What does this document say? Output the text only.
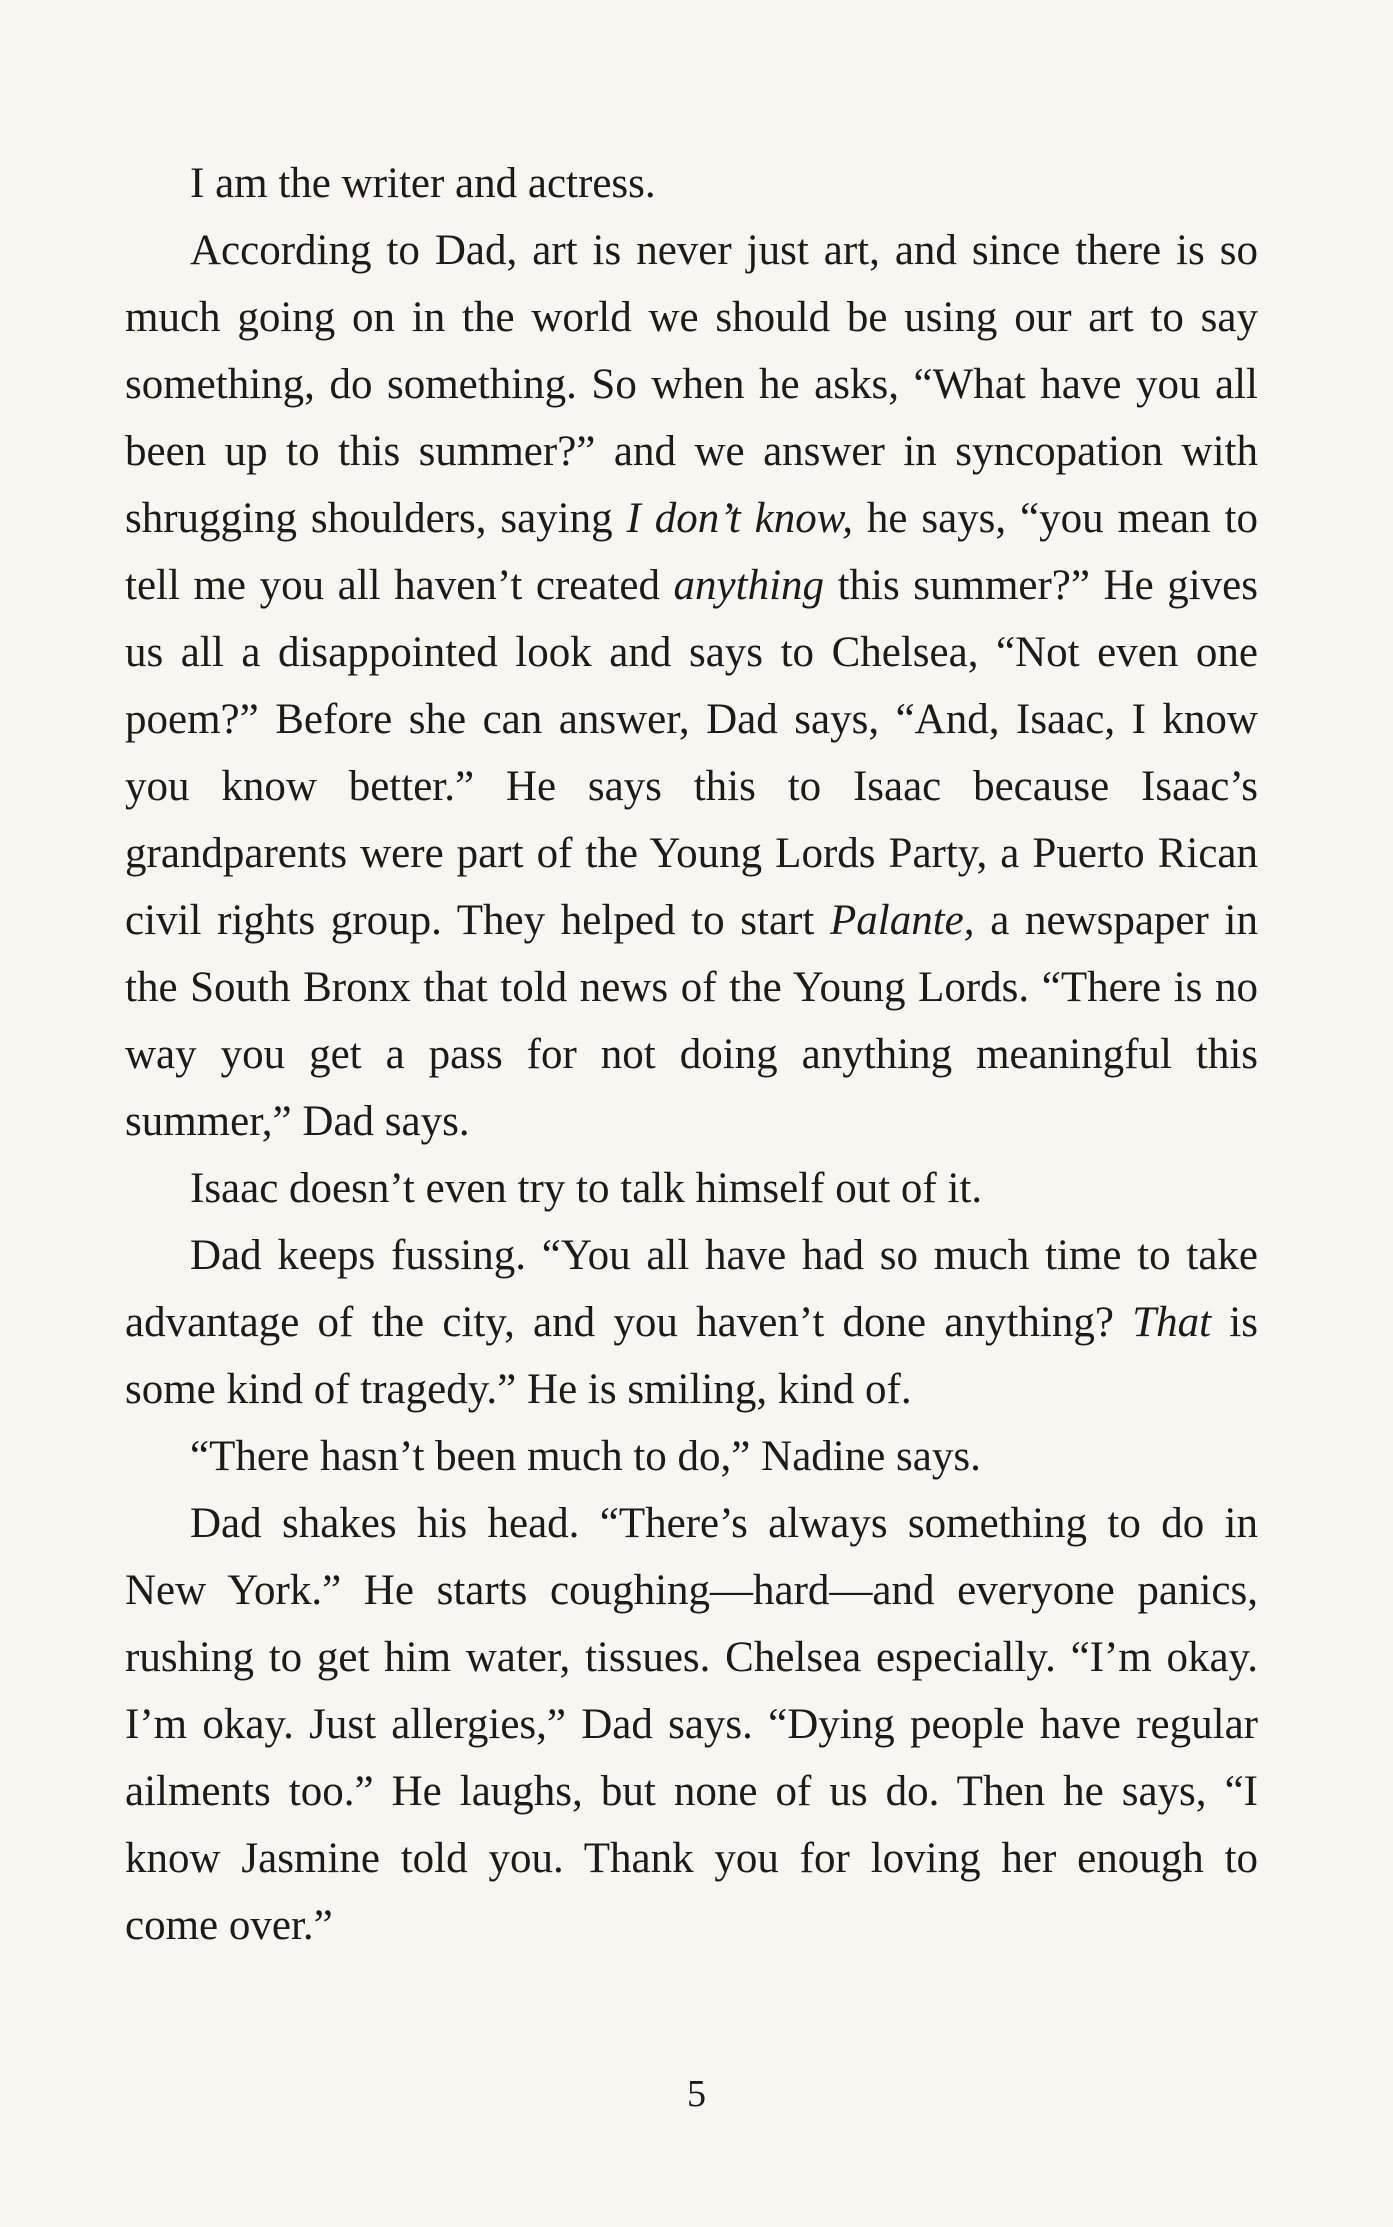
I am the writer and actress.

According to Dad, art is never just art, and since there is so much going on in the world we should be using our art to say something, do something. So when he asks, “What have you all been up to this summer?” and we answer in syncopation with shrugging shoulders, saying I don’t know, he says, “you mean to tell me you all haven’t created anything this summer?” He gives us all a disappointed look and says to Chelsea, “Not even one poem?” Before she can answer, Dad says, “And, Isaac, I know you know better.” He says this to Isaac because Isaac’s grandparents were part of the Young Lords Party, a Puerto Rican civil rights group. They helped to start Palante, a newspaper in the South Bronx that told news of the Young Lords. “There is no way you get a pass for not doing anything meaningful this summer,” Dad says.

Isaac doesn’t even try to talk himself out of it.

Dad keeps fussing. “You all have had so much time to take advantage of the city, and you haven’t done anything? That is some kind of tragedy.” He is smiling, kind of.

“There hasn’t been much to do,” Nadine says.

Dad shakes his head. “There’s always something to do in New York.” He starts coughing—hard—and everyone panics, rushing to get him water, tissues. Chelsea especially. “I’m okay. I’m okay. Just allergies,” Dad says. “Dying people have regular ailments too.” He laughs, but none of us do. Then he says, “I know Jasmine told you. Thank you for loving her enough to come over.”

5
